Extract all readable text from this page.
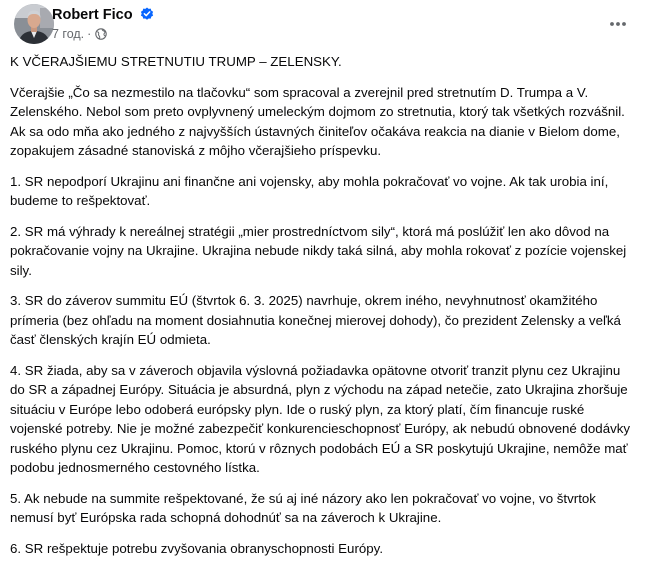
Robert Fico
7 год. ·

K VČERAJŠIEMU STRETNUTIU TRUMP – ZELENSKY.

Včerajšie „Čo sa nezmestilo na tlačovku“ som spracoval a zverejnil pred stretnutím D. Trumpa a V. Zelenského. Nebol som preto ovplyvnený umeleckým dojmom zo stretnutia, ktorý tak všetkých rozvášnil. Ak sa odo mňa ako jedného z najvyšších ústavných činiteľov očakáva reakcia na dianie v Bielom dome, zopakujem zásadné stanoviská z môjho včerajšieho príspevku.

1. SR nepodporí Ukrajinu ani finančne ani vojensky, aby mohla pokračovať vo vojne. Ak tak urobia iní, budeme to rešpektovať.

2. SR má výhrady k nereálnej stratégii „mier prostredníctvom sily“, ktorá má poslúžiť len ako dôvod na pokračovanie vojny na Ukrajine. Ukrajina nebude nikdy taká silná, aby mohla rokovať z pozície vojenskej sily.

3. SR do záverov summitu EÚ (štvrtok 6. 3. 2025) navrhuje, okrem iného, nevyhnutnosť okamžitého prímeria (bez ohľadu na moment dosiahnutia konečnej mierovej dohody), čo prezident Zelensky a veľká časť členských krajín EÚ odmieta.

4. SR žiada, aby sa v záveroch objavila výslovná požiadavka opätovne otvoriť tranzit plynu cez Ukrajinu do SR a západnej Európy. Situácia je absurdná, plyn z východu na západ netečie, zato Ukrajina zhoršuje situáciu v Európe lebo odoberá európsky plyn. Ide o ruský plyn, za ktorý platí, čím financuje ruské vojenské potreby. Nie je možné zabezpečiť konkurencieschopnosť Európy, ak nebudú obnovené dodávky ruského plynu cez Ukrajinu. Pomoc, ktorú v rôznych podobách EÚ a SR poskytujú Ukrajine, nemôže mať podobu jednosmerného cestovného lístka.

5. Ak nebude na summite rešpektované, že sú aj iné názory ako len pokračovať vo vojne, vo štvrtok nemusí byť Európska rada schopná dohodnúť sa na záveroch k Ukrajine.

6. SR rešpektuje potrebu zvyšovania obranyschopnosti Európy.
